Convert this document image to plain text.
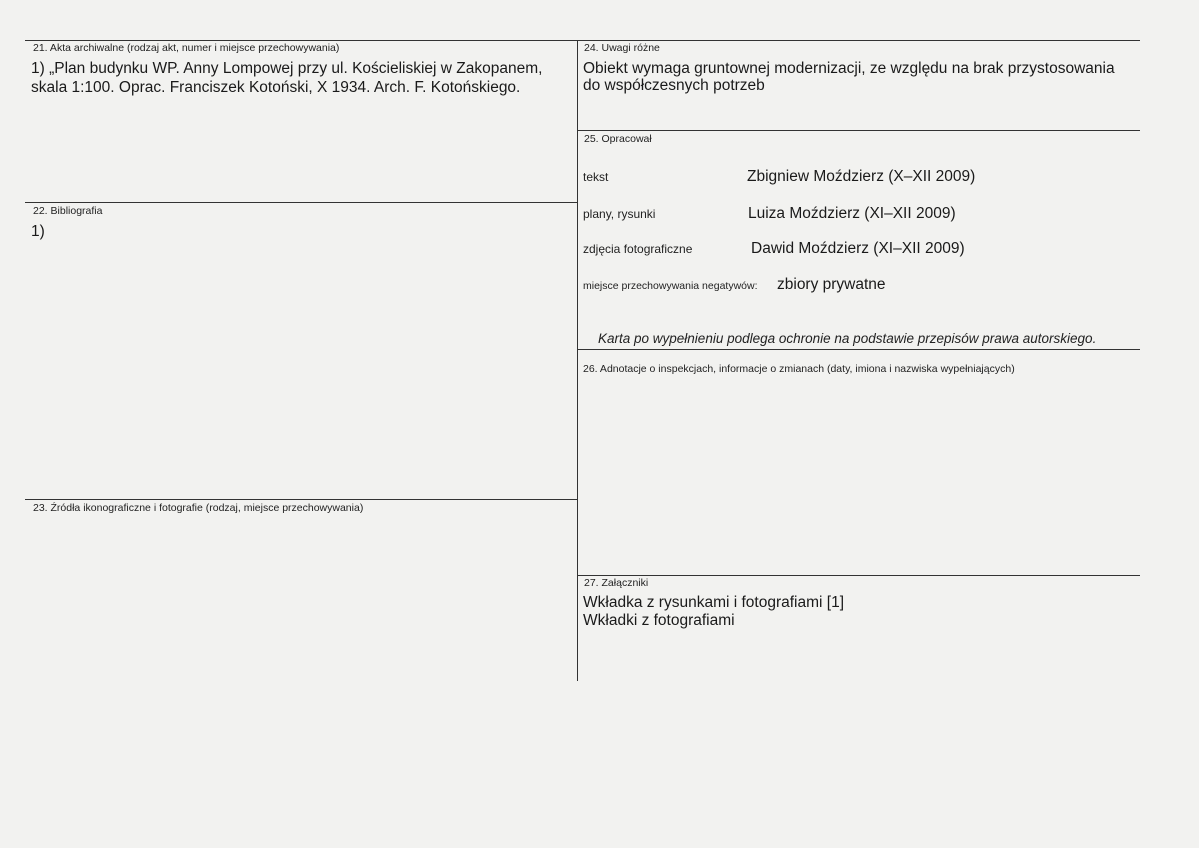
21. Akta archiwalne (rodzaj akt, numer i miejsce przechowywania)
1) „Plan budynku WP. Anny Lompowej przy ul. Kościeliskiej w Zakopanem,
skala 1:100. Oprac. Franciszek Kotoński, X 1934. Arch. F. Kotońskiego.
22. Bibliografia
1)
23. Źródła ikonograficzne i fotografie (rodzaj, miejsce przechowywania)
24. Uwagi różne
Obiekt wymaga gruntownej modernizacji, ze względu na brak przystosowania
do współczesnych potrzeb
25. Opracował
tekst	Zbigniew Moździerz (X–XII 2009)
plany, rysunki	Luiza Moździerz (XI–XII 2009)
zdjęcia fotograficzne	Dawid Moździerz (XI–XII 2009)
miejsce przechowywania negatywów: zbiory prywatne
Karta po wypełnieniu podlega ochronie na podstawie przepisów prawa autorskiego.
26. Adnotacje o inspekcjach, informacje o zmianach (daty, imiona i nazwiska wypełniających)
27. Załączniki
Wkładka z rysunkami i fotografiami [1]
Wkładki z fotografiami
